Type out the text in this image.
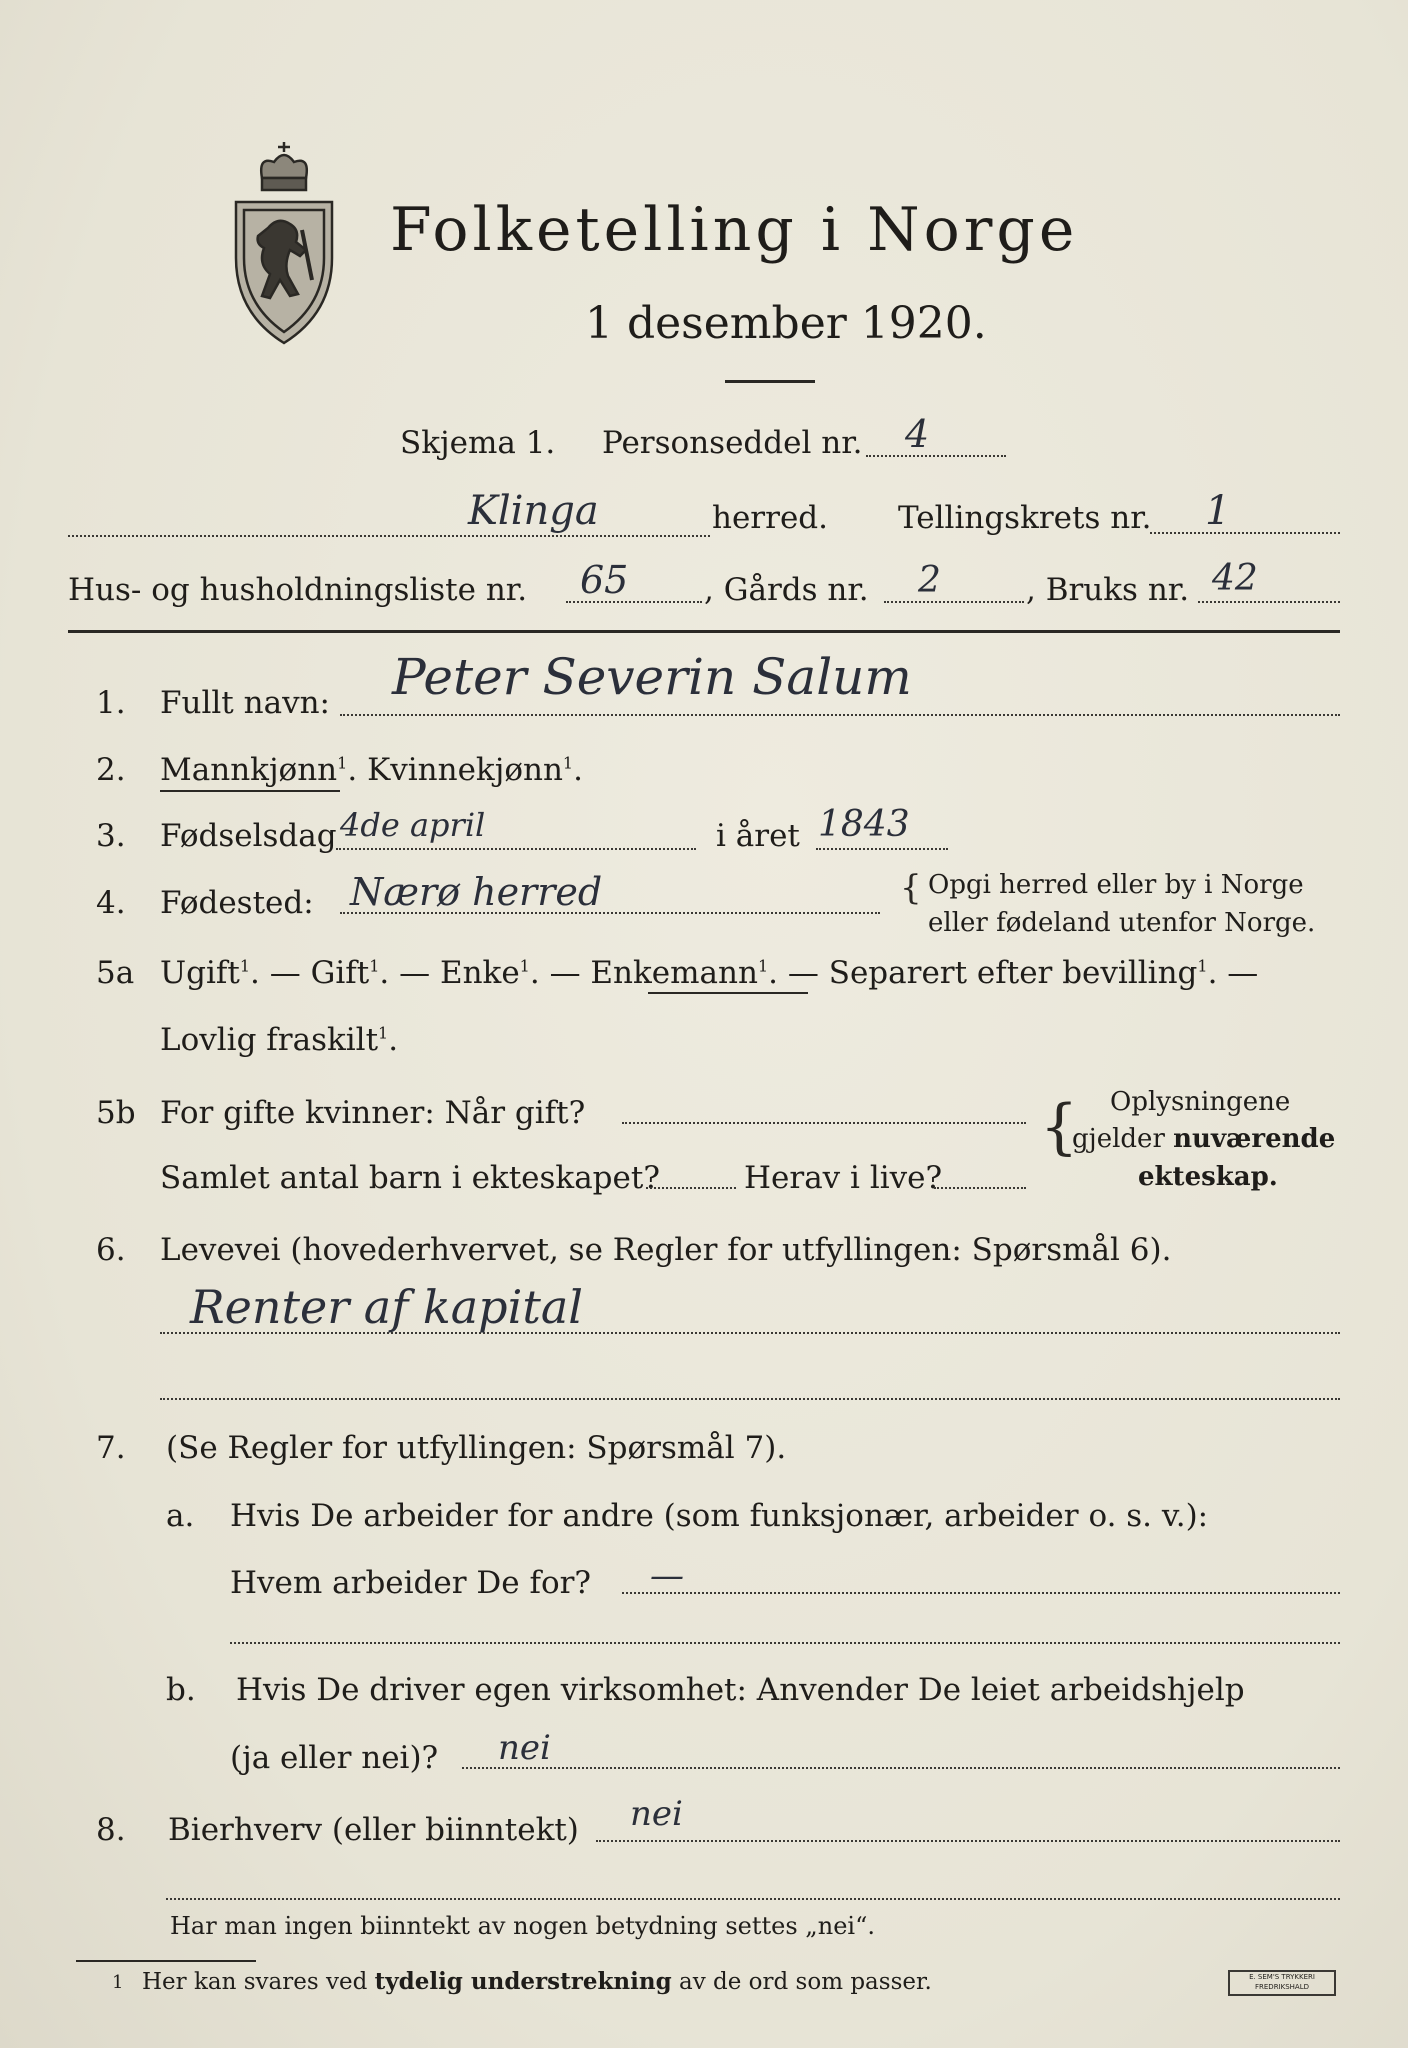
Folketelling i Norge
1 desember 1920.
Skjema 1. Personseddel nr. 4
Klinga	herred. Tellingskrets nr. 1
Hus- og husholdningsliste nr. 65 , Gårds nr. 2	, Bruks nr. 42
1. Fullt navn: Peter Severin Salum
2. Mannkjønn$^1$. Kvinnekjønn$^1$.
3. Fødselsdag 4de april	i året 1843
4. Fødested: Nærø herred	{ Opgi herred eller by i Norge
eller fødeland utenfor Norge.
5a Ugift$^1$. — Gift$^1$. — Enke$^1$. — Enkemann$^1$. — Separert efter bevilling$^1$. —
Lovlig fraskilt$^1$.
5b For gifte kvinner: Når gift?
Samlet antal barn i ekteskapet?	Herav i live?
{ Oplysningene
gjelder nuværende
ekteskap.
6. Levevei (hovederhvervet, se Regler for utfyllingen: Spørsmål 6).
Renter af kapital
7. (Se Regler for utfyllingen: Spørsmål 7).
a. Hvis De arbeider for andre (som funksjonær, arbeider o. s. v.):
Hvem arbeider De for? —
b. Hvis De driver egen virksomhet: Anvender De leiet arbeidshjelp
(ja eller nei)? nei
8. Bierhverv (eller biinntekt) nei
Har man ingen biinntekt av nogen betydning settes „nei“.
1 Her kan svares ved tydelig understrekning av de ord som passer.	E. SEM'S TRYKKERI
FREDRIKSHALD
